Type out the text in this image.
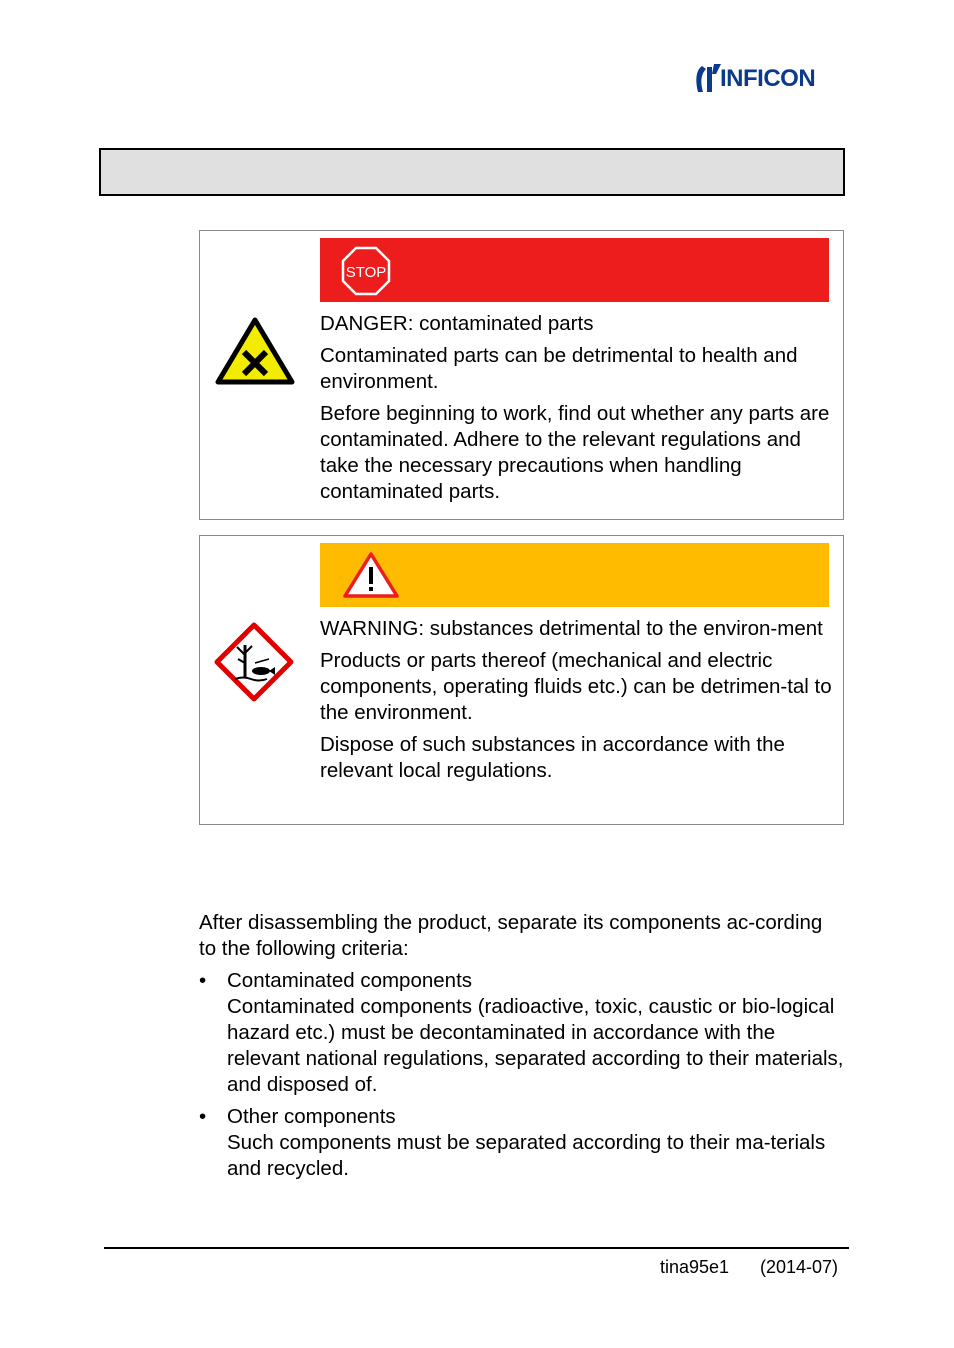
INFICON
STOP

DANGER: contaminated parts

Contaminated parts can be detrimental to health and environment.

Before beginning to work, find out whether any parts are contaminated. Adhere to the relevant regulations and take the necessary precautions when handling contaminated parts.

WARNING: substances detrimental to the environ-ment

Products or parts thereof (mechanical and electric components, operating fluids etc.) can be detrimen-tal to the environment.

Dispose of such substances in accordance with the relevant local regulations.

After disassembling the product, separate its components ac-cording to the following criteria:

• Contaminated components

Contaminated components (radioactive, toxic, caustic or bio-logical hazard etc.) must be decontaminated in accordance with the relevant national regulations, separated according to their materials, and disposed of.

• Other components

Such components must be separated according to their ma-terials and recycled.

tina95e1 (2014-07)
